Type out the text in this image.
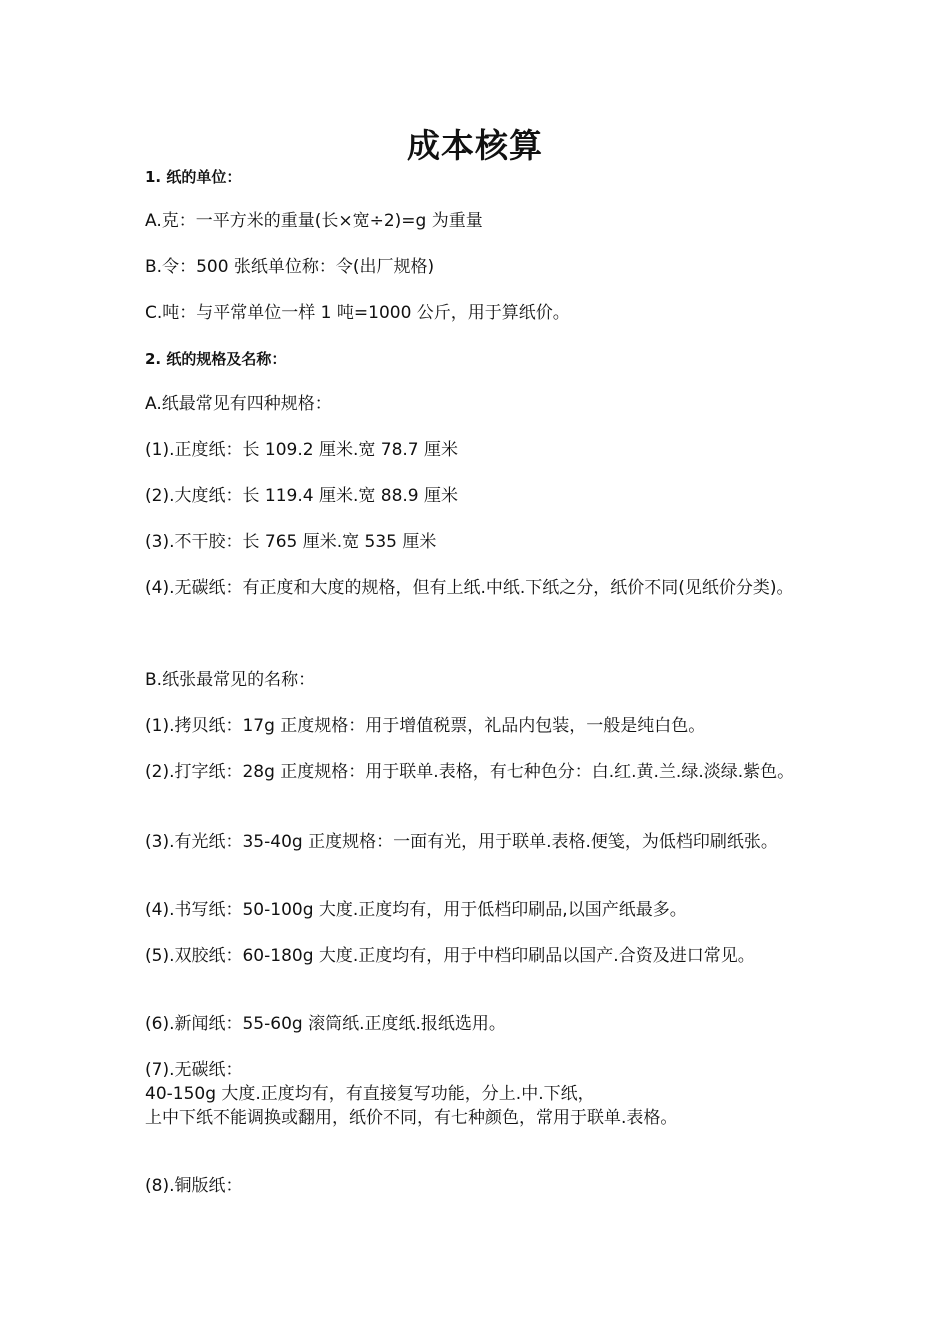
成本核算
1. 纸的单位：
A.克：一平方米的重量(长×宽÷2)=g 为重量
B.令：500 张纸单位称：令(出厂规格)
C.吨：与平常单位一样 1 吨=1000 公斤，用于算纸价。
2. 纸的规格及名称：
A.纸最常见有四种规格：
(1).正度纸：长 109.2 厘米.宽 78.7 厘米
(2).大度纸：长 119.4 厘米.宽 88.9 厘米
(3).不干胶：长 765 厘米.宽 535 厘米
(4).无碳纸：有正度和大度的规格，但有上纸.中纸.下纸之分，纸价不同(见纸价分类)。
B.纸张最常见的名称：
(1).拷贝纸：17g 正度规格：用于增值税票，礼品内包装，一般是纯白色。
(2).打字纸：28g 正度规格：用于联单.表格，有七种色分：白.红.黄.兰.绿.淡绿.紫色。
(3).有光纸：35-40g 正度规格：一面有光，用于联单.表格.便笺，为低档印刷纸张。
(4).书写纸：50-100g 大度.正度均有，用于低档印刷品,以国产纸最多。
(5).双胶纸：60-180g 大度.正度均有，用于中档印刷品以国产.合资及进口常见。
(6).新闻纸：55-60g 滚筒纸.正度纸.报纸选用。
(7).无碳纸：
40-150g 大度.正度均有，有直接复写功能，分上.中.下纸，
上中下纸不能调换或翻用，纸价不同，有七种颜色，常用于联单.表格。
(8).铜版纸：
